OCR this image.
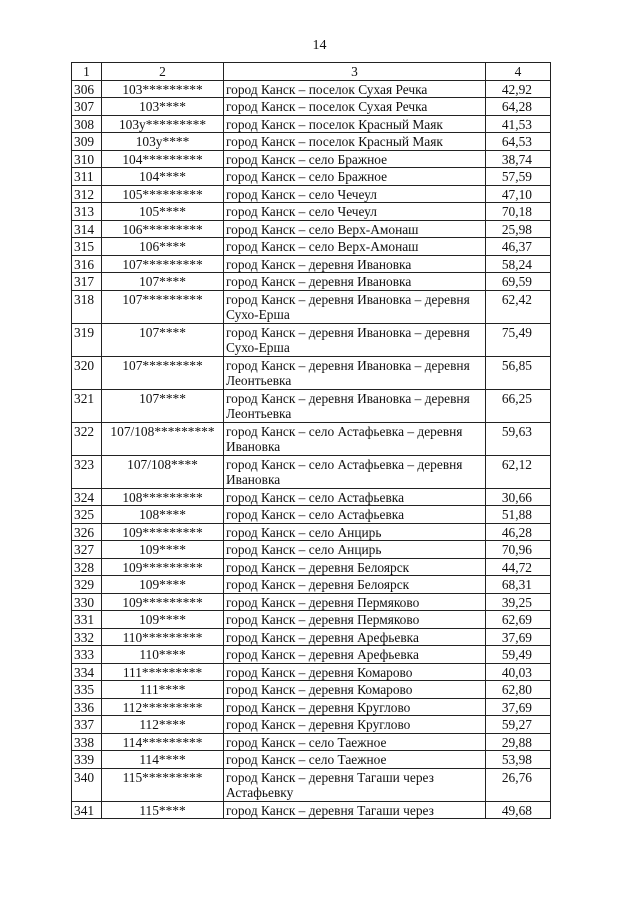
14
1	2	3	4
306	103*********	город Канск – поселок Сухая Речка	42,92
307	103****	город Канск – поселок Сухая Речка	64,28
308	103у*********	город Канск – поселок Красный Маяк	41,53
309	103у****	город Канск – поселок Красный Маяк	64,53
310	104*********	город Канск – село Бражное	38,74
311	104****	город Канск – село Бражное	57,59
312	105*********	город Канск – село Чечеул	47,10
313	105****	город Канск – село Чечеул	70,18
314	106*********	город Канск – село Верх-Амонаш	25,98
315	106****	город Канск – село Верх-Амонаш	46,37
316	107*********	город Канск – деревня Ивановка	58,24
317	107****	город Канск – деревня Ивановка	69,59
318	107*********	город Канск – деревня Ивановка – деревня Сухо-Ерша	62,42
319	107****	город Канск – деревня Ивановка – деревня Сухо-Ерша	75,49
320	107*********	город Канск – деревня Ивановка – деревня Леонтьевка	56,85
321	107****	город Канск – деревня Ивановка – деревня Леонтьевка	66,25
322	107/108*********	город Канск – село Астафьевка – деревня Ивановка	59,63
323	107/108****	город Канск – село Астафьевка – деревня Ивановка	62,12
324	108*********	город Канск – село Астафьевка	30,66
325	108****	город Канск – село Астафьевка	51,88
326	109*********	город Канск – село Анцирь	46,28
327	109****	город Канск – село Анцирь	70,96
328	109*********	город Канск – деревня Белоярск	44,72
329	109****	город Канск – деревня Белоярск	68,31
330	109*********	город Канск – деревня Пермяково	39,25
331	109****	город Канск – деревня Пермяково	62,69
332	110*********	город Канск – деревня Арефьевка	37,69
333	110****	город Канск – деревня Арефьевка	59,49
334	111*********	город Канск – деревня Комарово	40,03
335	111****	город Канск – деревня Комарово	62,80
336	112*********	город Канск – деревня Круглово	37,69
337	112****	город Канск – деревня Круглово	59,27
338	114*********	город Канск – село Таежное	29,88
339	114****	город Канск – село Таежное	53,98
340	115*********	город Канск – деревня Тагаши через Астафьевку	26,76
341	115****	город Канск – деревня Тагаши через	49,68
